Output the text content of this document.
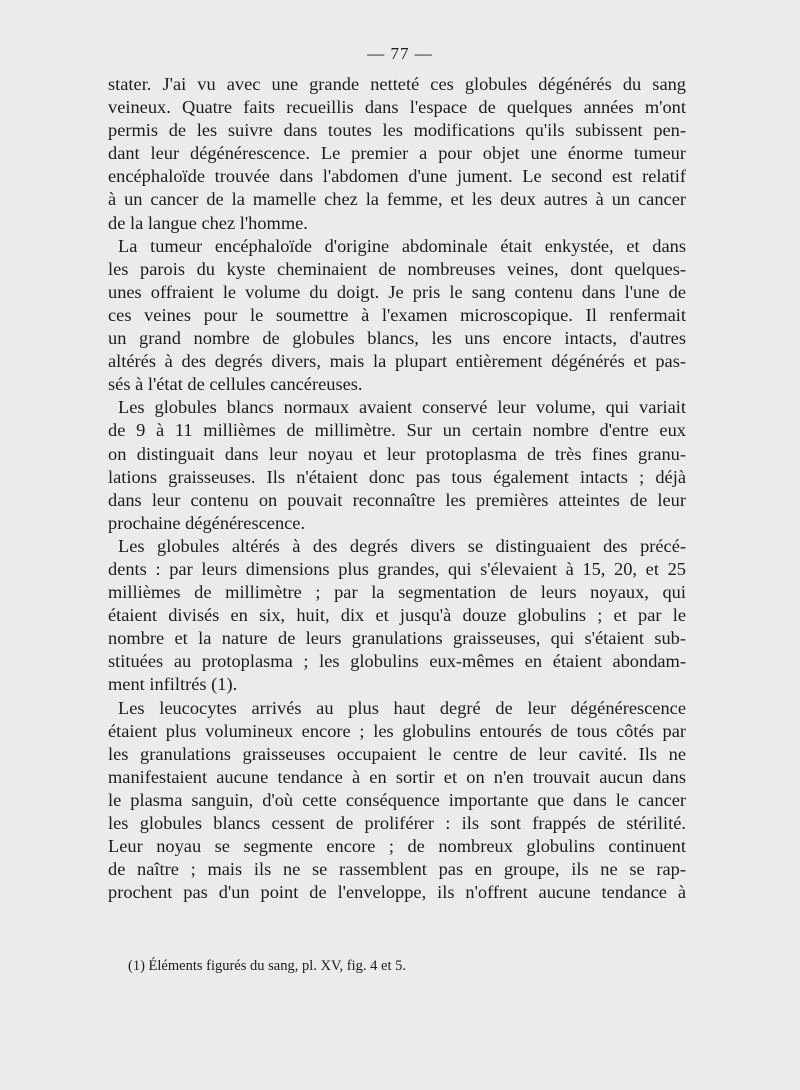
— 77 —
stater. J'ai vu avec une grande netteté ces globules dégénérés du sang
veineux. Quatre faits recueillis dans l'espace de quelques années m'ont
permis de les suivre dans toutes les modifications qu'ils subissent pen-
dant leur dégénérescence. Le premier a pour objet une énorme tumeur
encéphaloïde trouvée dans l'abdomen d'une jument. Le second est relatif
à un cancer de la mamelle chez la femme, et les deux autres à un cancer
de la langue chez l'homme.
La tumeur encéphaloïde d'origine abdominale était enkystée, et dans
les parois du kyste cheminaient de nombreuses veines, dont quelques-
unes offraient le volume du doigt. Je pris le sang contenu dans l'une de
ces veines pour le soumettre à l'examen microscopique. Il renfermait
un grand nombre de globules blancs, les uns encore intacts, d'autres
altérés à des degrés divers, mais la plupart entièrement dégénérés et pas-
sés à l'état de cellules cancéreuses.
Les globules blancs normaux avaient conservé leur volume, qui variait
de 9 à 11 millièmes de millimètre. Sur un certain nombre d'entre eux
on distinguait dans leur noyau et leur protoplasma de très fines granu-
lations graisseuses. Ils n'étaient donc pas tous également intacts ; déjà
dans leur contenu on pouvait reconnaître les premières atteintes de leur
prochaine dégénérescence.
Les globules altérés à des degrés divers se distinguaient des précé-
dents : par leurs dimensions plus grandes, qui s'élevaient à 15, 20, et 25
millièmes de millimètre ; par la segmentation de leurs noyaux, qui
étaient divisés en six, huit, dix et jusqu'à douze globulins ; et par le
nombre et la nature de leurs granulations graisseuses, qui s'étaient sub-
stituées au protoplasma ; les globulins eux-mêmes en étaient abondam-
ment infiltrés (1).
Les leucocytes arrivés au plus haut degré de leur dégénérescence
étaient plus volumineux encore ; les globulins entourés de tous côtés par
les granulations graisseuses occupaient le centre de leur cavité. Ils ne
manifestaient aucune tendance à en sortir et on n'en trouvait aucun dans
le plasma sanguin, d'où cette conséquence importante que dans le cancer
les globules blancs cessent de proliférer : ils sont frappés de stérilité.
Leur noyau se segmente encore ; de nombreux globulins continuent
de naître ; mais ils ne se rassemblent pas en groupe, ils ne se rap-
prochent pas d'un point de l'enveloppe, ils n'offrent aucune tendance à
(1) Éléments figurés du sang, pl. XV, fig. 4 et 5.
